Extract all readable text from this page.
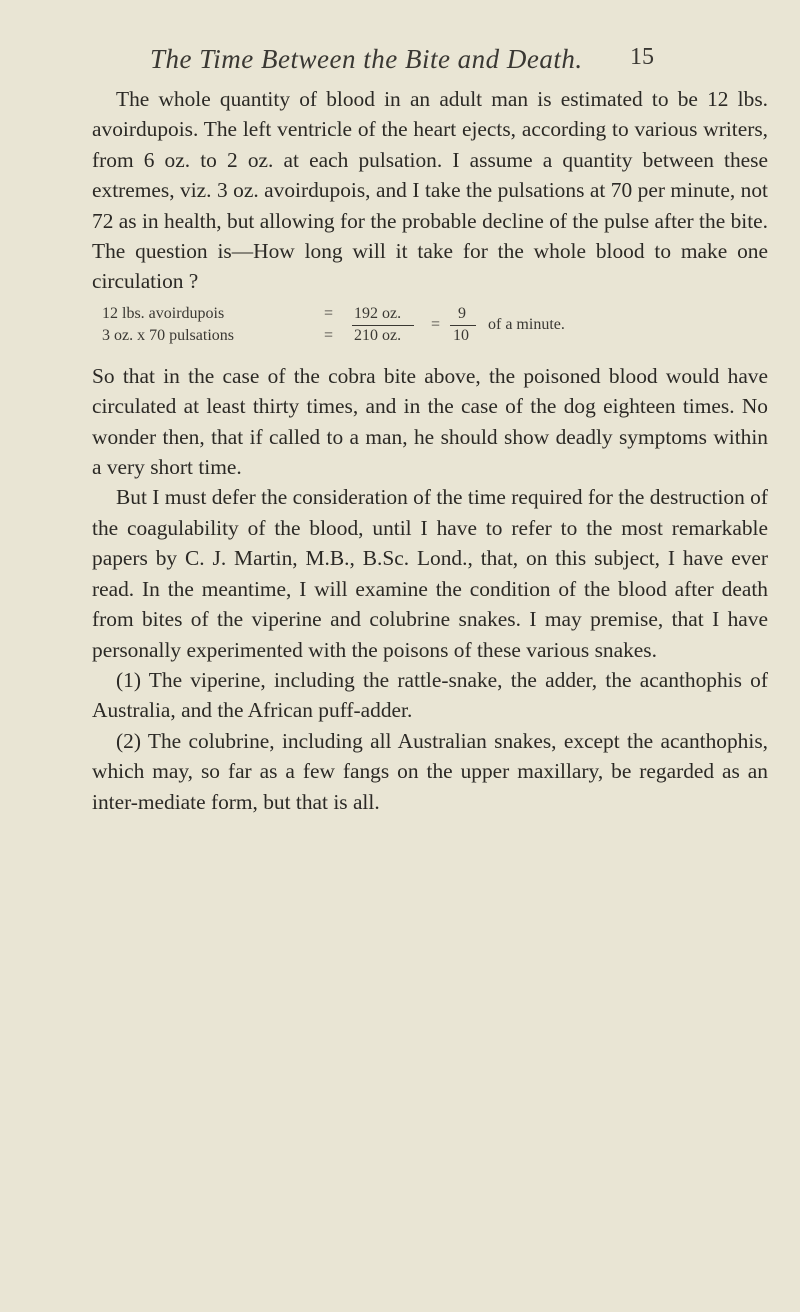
The Time Between the Bite and Death. 15

The whole quantity of blood in an adult man is estimated to be 12 lbs. avoirdupois. The left ventricle of the heart ejects, according to various writers, from 6 oz. to 2 oz. at each pulsation. I assume a quantity between these extremes, viz. 3 oz. avoirdupois, and I take the pulsations at 70 per minute, not 72 as in health, but allowing for the probable decline of the pulse after the bite. The question is—How long will it take for the whole blood to make one circulation ?

12 lbs. avoirdupois
3 oz. x 70 pulsations
=
=
192 oz.
210 oz.
=
9
10
of a minute.

So that in the case of the cobra bite above, the poisoned blood would have circulated at least thirty times, and in the case of the dog eighteen times. No wonder then, that if called to a man, he should show deadly symptoms within a very short time.

But I must defer the consideration of the time required for the destruction of the coagulability of the blood, until I have to refer to the most remarkable papers by C. J. Martin, M.B., B.Sc. Lond., that, on this subject, I have ever read. In the meantime, I will examine the condition of the blood after death from bites of the viperine and colubrine snakes. I may premise, that I have personally experimented with the poisons of these various snakes.

(1) The viperine, including the rattle-snake, the adder, the acanthophis of Australia, and the African puff-adder.

(2) The colubrine, including all Australian snakes, except the acanthophis, which may, so far as a few fangs on the upper maxillary, be regarded as an inter-mediate form, but that is all.
